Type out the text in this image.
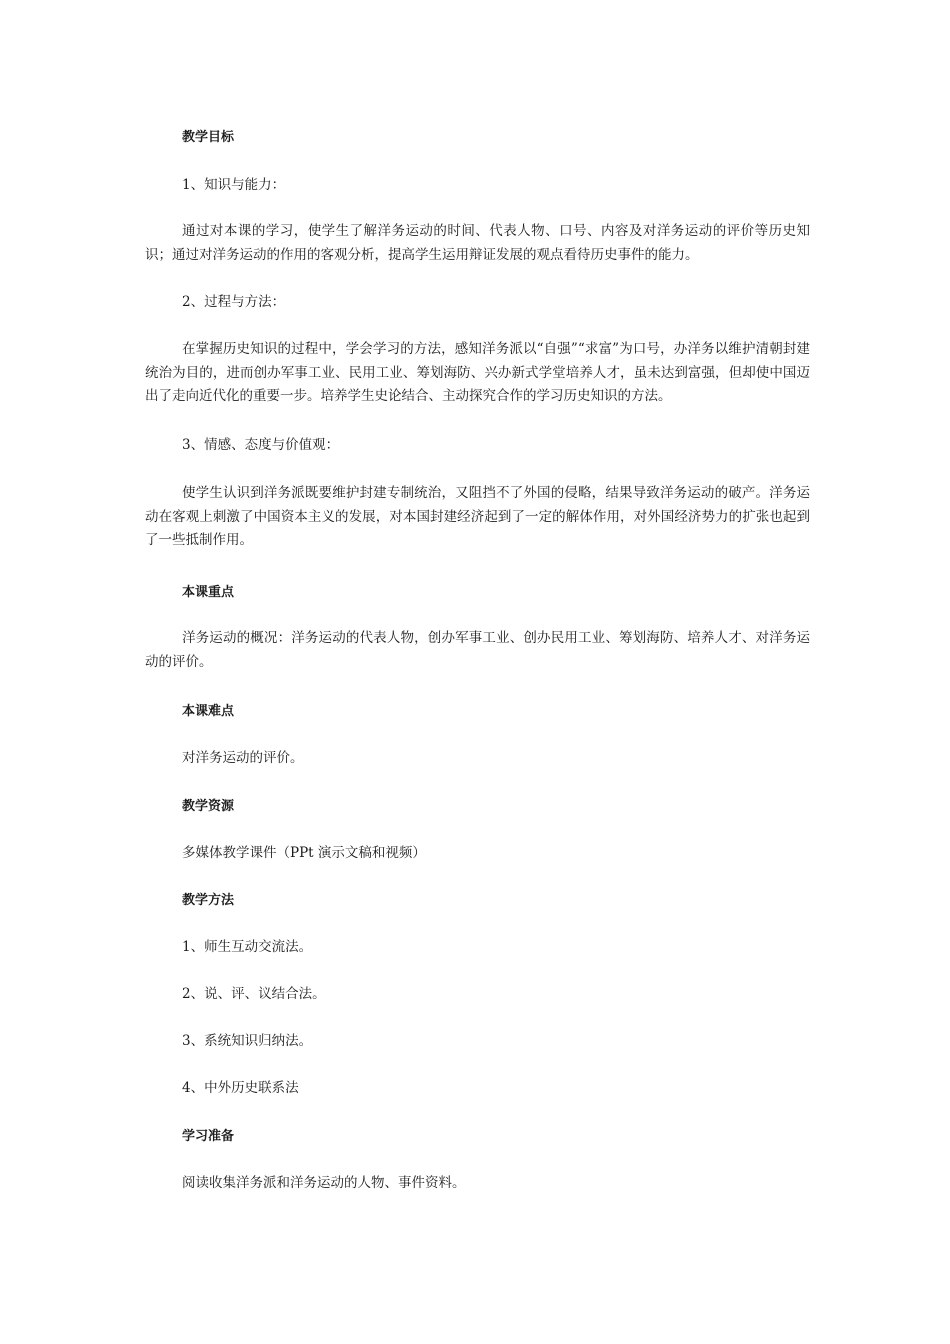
教学目标

1、知识与能力：

通过对本课的学习，使学生了解洋务运动的时间、代表人物、口号、内容及对洋务运动的评价等历史知识；通过对洋务运动的作用的客观分析，提高学生运用辩证发展的观点看待历史事件的能力。

2、过程与方法：

在掌握历史知识的过程中，学会学习的方法，感知洋务派以“自强”“求富”为口号，办洋务以维护清朝封建统治为目的，进而创办军事工业、民用工业、筹划海防、兴办新式学堂培养人才，虽未达到富强，但却使中国迈出了走向近代化的重要一步。培养学生史论结合、主动探究合作的学习历史知识的方法。

3、情感、态度与价值观：

使学生认识到洋务派既要维护封建专制统治，又阻挡不了外国的侵略，结果导致洋务运动的破产。洋务运动在客观上刺激了中国资本主义的发展，对本国封建经济起到了一定的解体作用，对外国经济势力的扩张也起到了一些抵制作用。

本课重点

洋务运动的概况：洋务运动的代表人物，创办军事工业、创办民用工业、筹划海防、培养人才、对洋务运动的评价。

本课难点

对洋务运动的评价。

教学资源

多媒体教学课件（PPt 演示文稿和视频）

教学方法

1、师生互动交流法。

2、说、评、议结合法。

3、系统知识归纳法。

4、中外历史联系法

学习准备

阅读收集洋务派和洋务运动的人物、事件资料。
